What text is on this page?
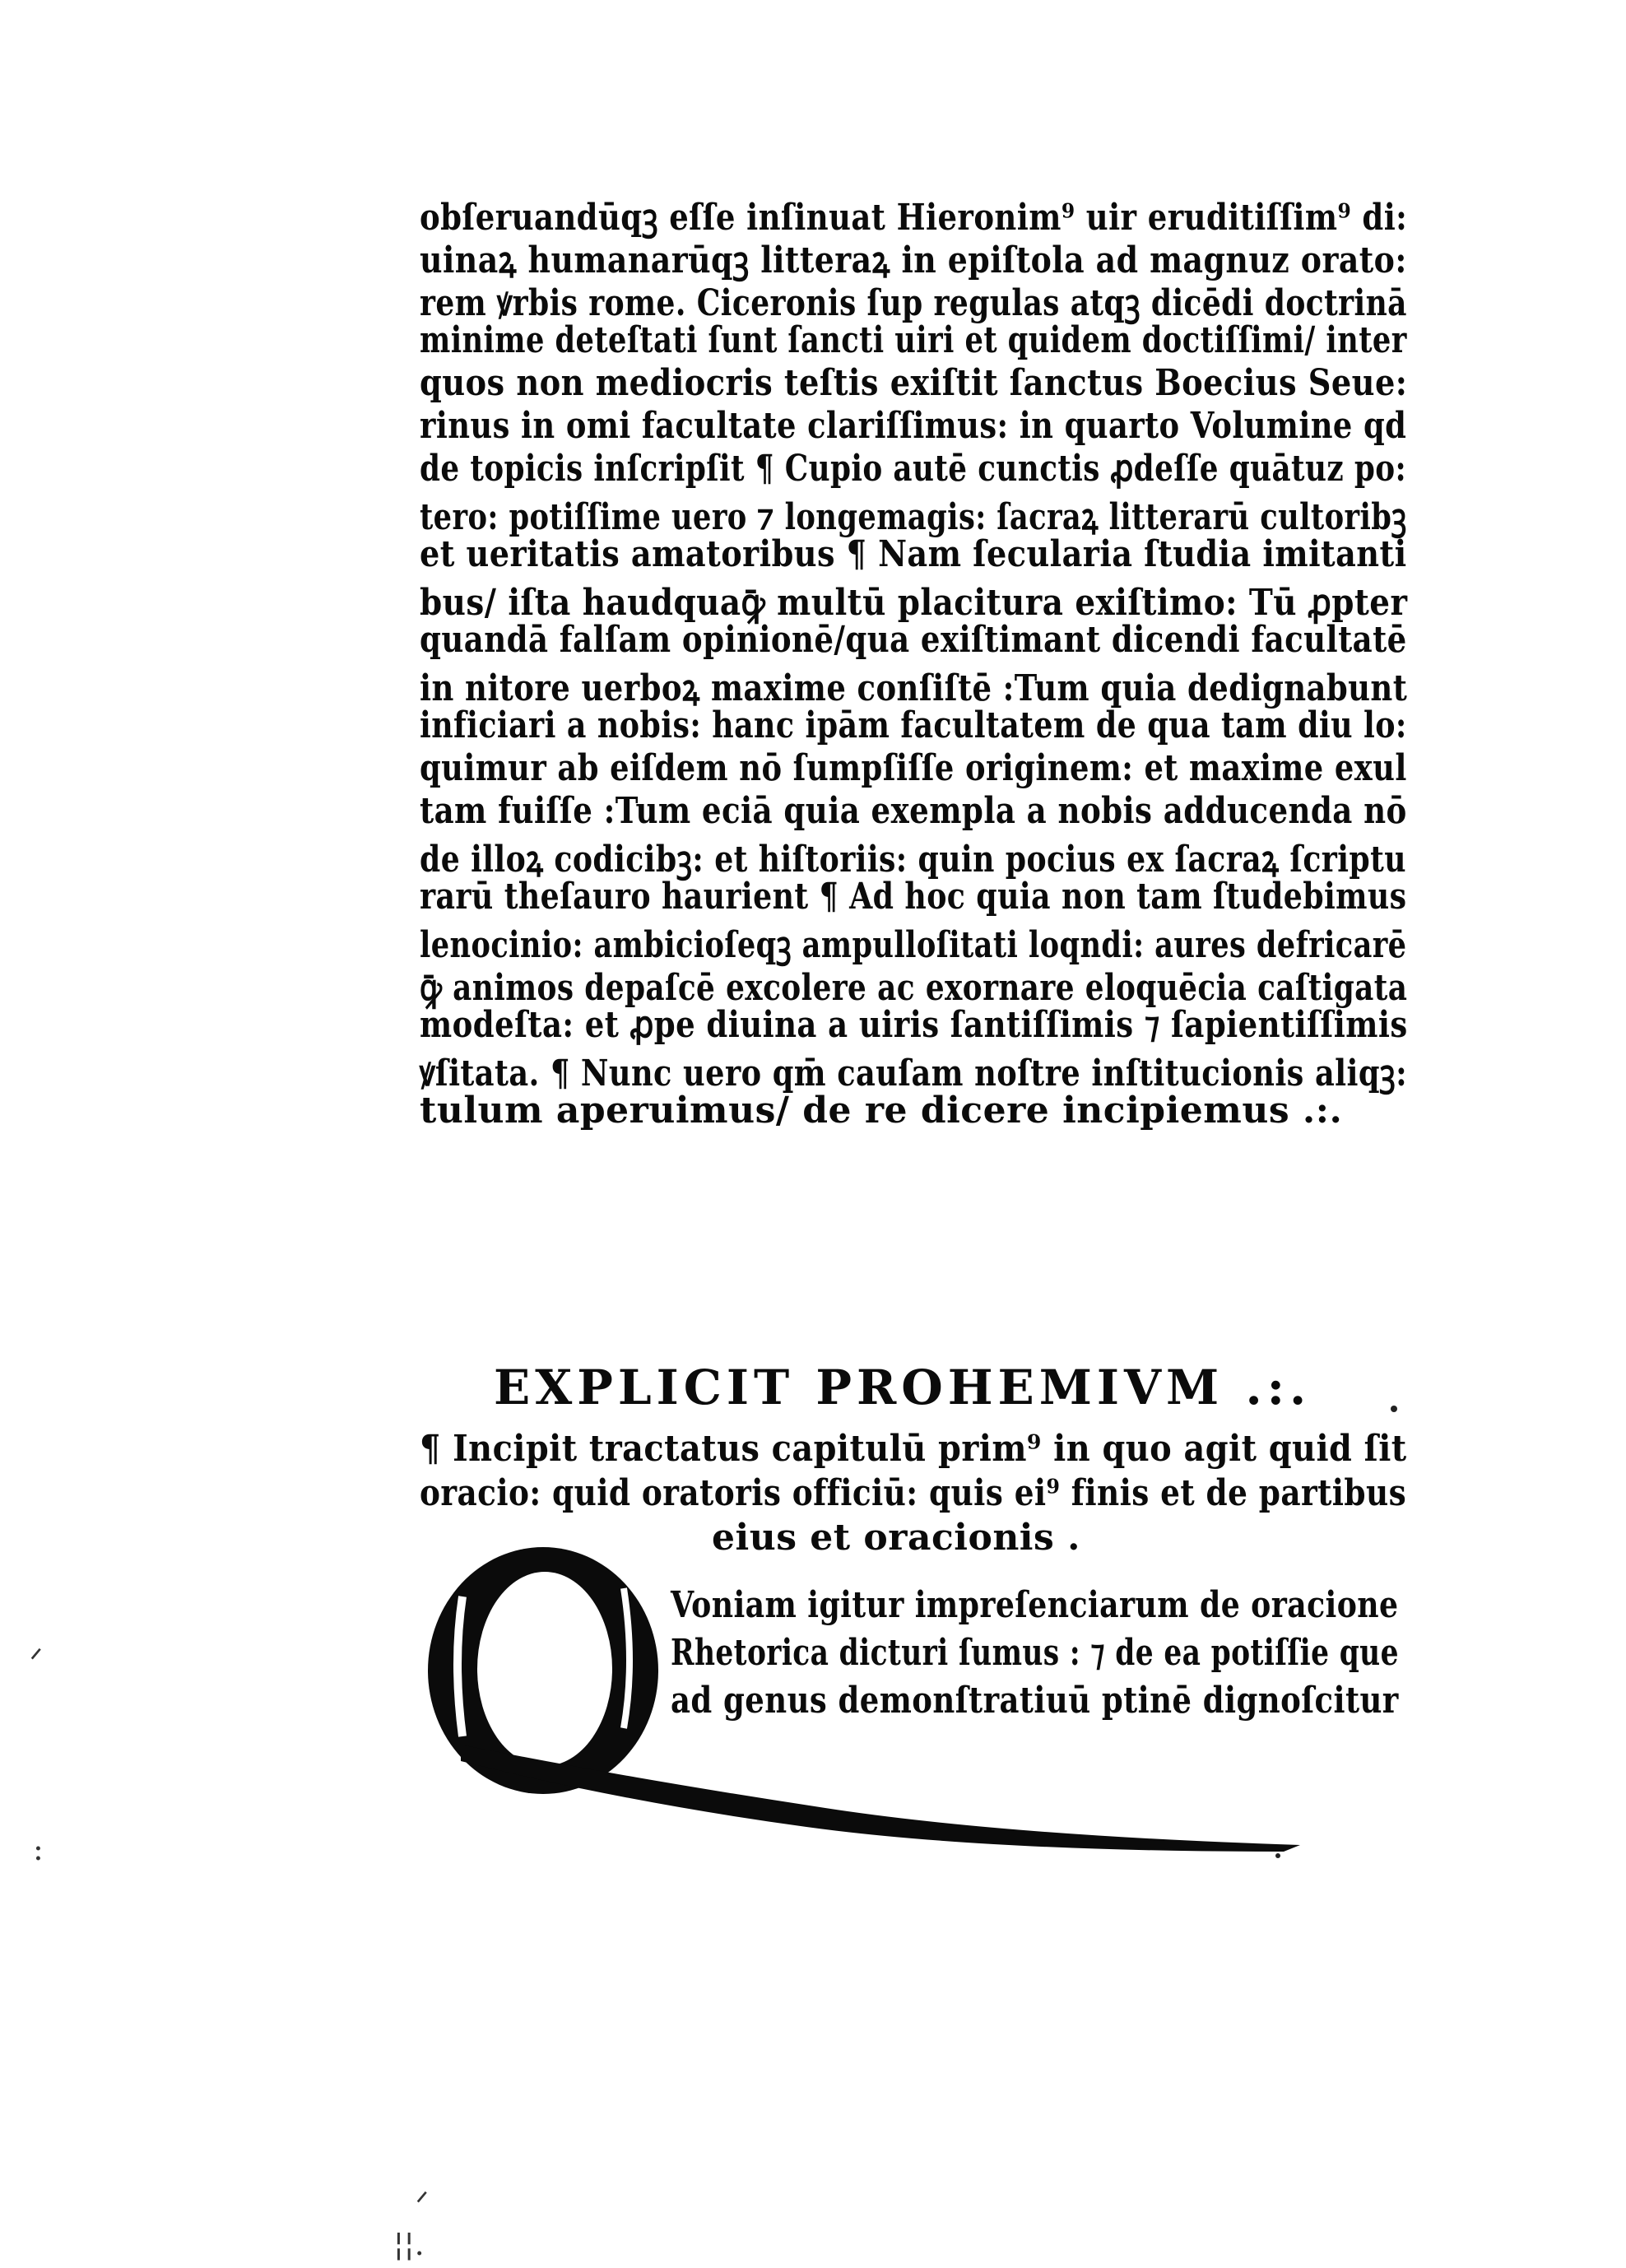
obſeruandūqꝫ eſſe inſinuat Hieronim⁹ uir eruditiſſim⁹ di:
uinaꝝ humanarūqꝫ litteraꝝ in epiſtola ad magnuz orato:
rem ꝟrbis rome. Ciceronis ſup regulas atqꝫ dicēdi doctrinā
minime deteſtati ſunt ſancti uiri et quidem doctiſſimi/ inter
quos non mediocris teſtis exiſtit ſanctus Boecius Seue:
rinus in omi facultate clariſſimus: in quarto Volumine qd
de topicis inſcripſit ¶ Cupio autē cunctis ꝓdeſſe quātuz po:
tero: potiſſime uero ⁊ longemagis: ſacraꝝ litterarū cultoribꝫ
et ueritatis amatoribus ¶ Nam ſecularia ſtudia imitanti
bus/ iſta haudquaꝙ̄ multū placitura exiſtimo: Tū ꝓpter
quandā falſam opinionē/qua exiſtimant dicendi facultatē
in nitore uerboꝝ maxime conſiſtē :Tum quia dedignabunt
inficiari a nobis: hanc ipām facultatem de qua tam diu lo:
quimur ab eiſdem nō ſumpſiſſe originem: et maxime exul
tam fuiſſe :Tum eciā quia exempla a nobis adducenda nō
de illoꝝ codicibꝫ: et hiſtoriis: quin pocius ex ſacraꝝ ſcriptu
rarū theſauro haurient ¶ Ad hoc quia non tam ſtudebimus
lenocinio: ambicioſeqꝫ ampulloſitati loqndi: aures defricarē
ꝙ̄ animos depaſcē excolere ac exornare eloquēcia caſtigata
modeſta: et ꝓpe diuina a uiris ſantiſſimis ⁊ ſapientiſſimis
ꝟſitata. ¶ Nunc uero qm̄ cauſam noſtre inſtitucionis aliqꝫ:
tulum aperuimus/ de re dicere incipiemus .:.
EXPLICIT PROHEMIVM .:.
¶ Incipit tractatus capitulū prim⁹ in quo agit quid ſit
oracio: quid oratoris officiū: quis ei⁹ finis et de partibus
eius et oracionis .
Voniam igitur impreſenciarum de oracione
Rhetorica dicturi ſumus : ⁊ de ea potiſſie que
ad genus demonſtratiuū ptinē dignoſcitur
ᐟ
:
ᐟ
¦¦.
